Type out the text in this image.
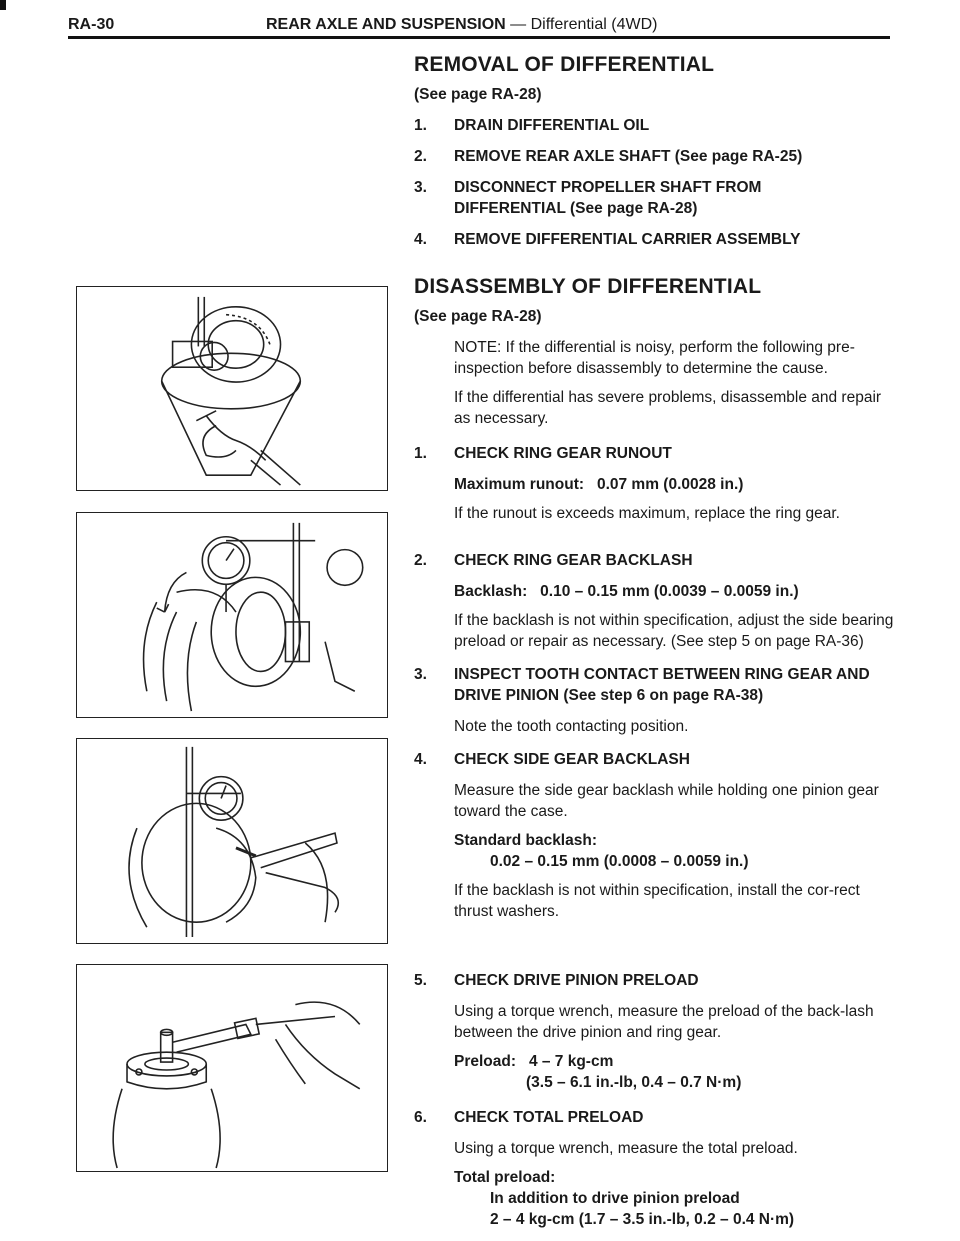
RA-30	REAR AXLE AND SUSPENSION — Differential (4WD)
REMOVAL OF DIFFERENTIAL
(See page RA-28)
1.	DRAIN DIFFERENTIAL OIL
2.	REMOVE REAR AXLE SHAFT (See page RA-25)
3.	DISCONNECT PROPELLER SHAFT FROM DIFFERENTIAL (See page RA-28)
4.	REMOVE DIFFERENTIAL CARRIER ASSEMBLY
DISASSEMBLY OF DIFFERENTIAL
(See page RA-28)
NOTE: If the differential is noisy, perform the following pre-inspection before disassembly to determine the cause.
If the differential has severe problems, disassemble and repair as necessary.
1.	CHECK RING GEAR RUNOUT
Maximum runout: 0.07 mm (0.0028 in.)
If the runout is exceeds maximum, replace the ring gear.
2.	CHECK RING GEAR BACKLASH
Backlash: 0.10 – 0.15 mm (0.0039 – 0.0059 in.)
If the backlash is not within specification, adjust the side bearing preload or repair as necessary. (See step 5 on page RA-36)
3.	INSPECT TOOTH CONTACT BETWEEN RING GEAR AND DRIVE PINION (See step 6 on page RA-38)
Note the tooth contacting position.
4.	CHECK SIDE GEAR BACKLASH
Measure the side gear backlash while holding one pinion gear toward the case.
Standard backlash:
0.02 – 0.15 mm (0.0008 – 0.0059 in.)
If the backlash is not within specification, install the cor-rect thrust washers.
5.	CHECK DRIVE PINION PRELOAD
Using a torque wrench, measure the preload of the back-lash between the drive pinion and ring gear.
Preload: 4 – 7 kg-cm
(3.5 – 6.1 in.-lb, 0.4 – 0.7 N·m)
6.	CHECK TOTAL PRELOAD
Using a torque wrench, measure the total preload.
Total preload:
In addition to drive pinion preload
2 – 4 kg-cm (1.7 – 3.5 in.-lb, 0.2 – 0.4 N·m)
